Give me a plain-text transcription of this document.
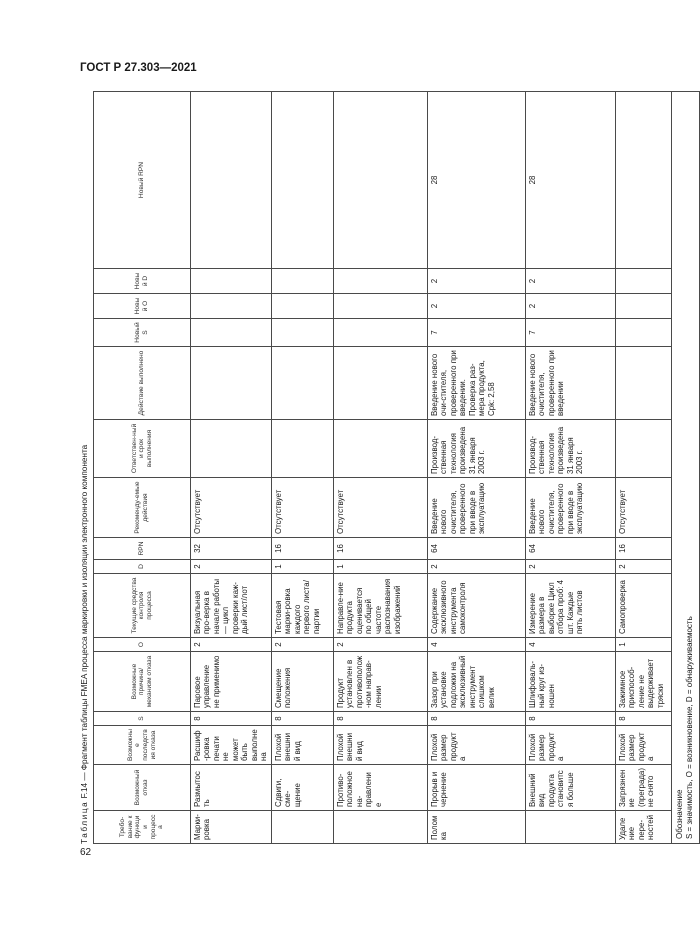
ГОСТ Р 27.303—2021
62
Таблица F.14 — Фрагмент таблицы FMEA процесса маркировки и изоляции электронного компонента
Требо-вание к функции процесса	Возможный отказ	Возможные последствия отказа	S	Возможные причина/механизм отказа	O	Текущие средства контроля процесса	D	RPN	Рекоменду-емые действия	Ответствен-ный и срок выполнения	Действие выполнено	Новый S	Новый O	Новый D	Новый RPN
Марки-ровка	Размытость	Расшиф-ровка печати не может быть выполнена	8	Паровое управление не применимо	2	Визуальная про-верка в начале работы — цикл проверки каж-дый лист/лот	2	32	Отсутствует						
	Сдвиги, сме-щение	Плохой внешний вид	8	Смещение положения	2	Тестовая марки-ровка каждого первого листа/партии	1	16	Отсутствует						
	Противо-положное на-правление	Плохой внешний вид	8	Продукт установлен в противополож-ном направ-лении	2	Направле-ние продукта оценивается по общей частоте распознавания изображений	1	16	Отсутствует						
Поломка	Прорыв и чернение	Плохой размер продукта	8	Зазор при установке подложки на эксклюзивный инструмент слишком велик	4	Содержание эксклюзивного инструмента самоконтроля	2	64	Введение нового очистителя, проверенного при вводе в эксплуатацию	Производ-ственная технология произведена 31 января 2003 г.	Введение нового очи-стителя, проверенного при введении. Проверка раз-мера продукта, Cpk: 2,58	7	2	2	28
	Внешний вид продукта становится больше	Плохой размер продукта	8	Шлифоваль-ный круг из-ношен	4	Измерение размера в выборке Цикл отбора проб: 4 шт. Каждые пять листов	2	64	Введение нового очистителя, проверенного при вводе в эксплуатацию	Производ-ственная технология произведена 31 января 2003 г.	Введение нового очистителя, проверенного при введении	7	2	2	28
Удаление пере-ностей	Загрязнение (преграда) не снято	Плохой размер продукта	8	Зажимное приспособ-ление не выдерживает тряски	1	Самопроверка	2	16	Отсутствует						

Обозначение S = значимость, O = возникновение, D = обнаруживаемость															
